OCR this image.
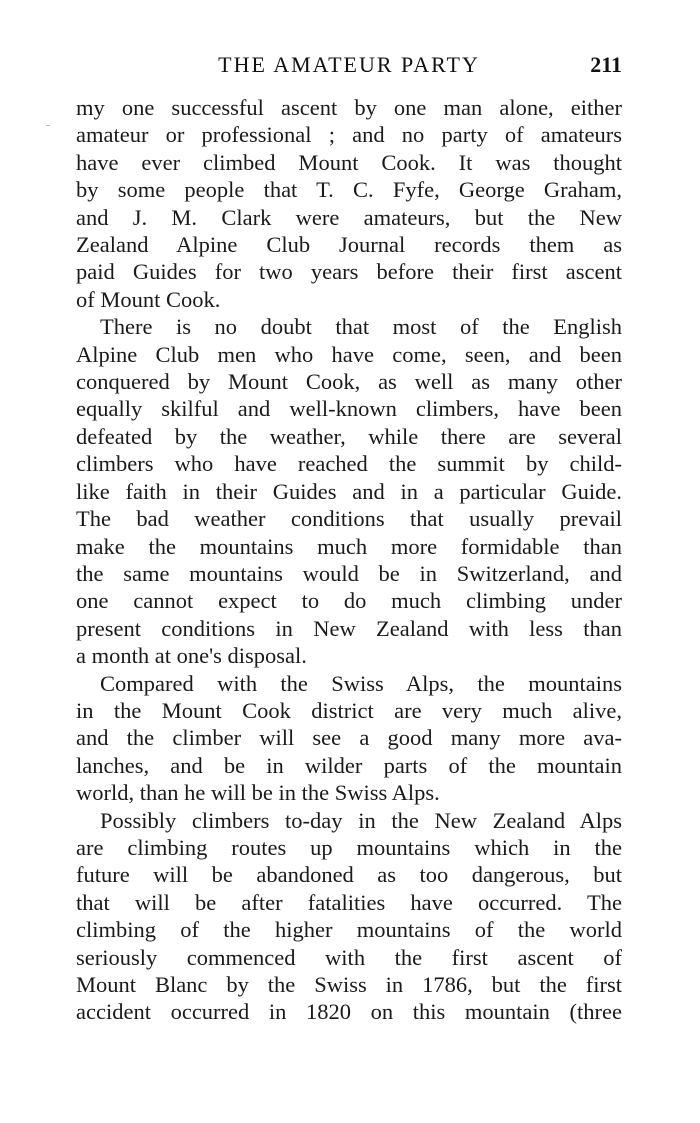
THE AMATEUR PARTY	211

my one successful ascent by one man alone, either
amateur or professional ; and no party of amateurs
have ever climbed Mount Cook. It was thought
by some people that T. C. Fyfe, George Graham,
and J. M. Clark were amateurs, but the New
Zealand Alpine Club Journal records them as
paid Guides for two years before their first ascent
of Mount Cook.

There is no doubt that most of the English
Alpine Club men who have come, seen, and been
conquered by Mount Cook, as well as many other
equally skilful and well-known climbers, have been
defeated by the weather, while there are several
climbers who have reached the summit by child-
like faith in their Guides and in a particular Guide.
The bad weather conditions that usually prevail
make the mountains much more formidable than
the same mountains would be in Switzerland, and
one cannot expect to do much climbing under
present conditions in New Zealand with less than
a month at one's disposal.

Compared with the Swiss Alps, the mountains
in the Mount Cook district are very much alive,
and the climber will see a good many more ava-
lanches, and be in wilder parts of the mountain
world, than he will be in the Swiss Alps.

Possibly climbers to-day in the New Zealand Alps
are climbing routes up mountains which in the
future will be abandoned as too dangerous, but
that will be after fatalities have occurred. The
climbing of the higher mountains of the world
seriously commenced with the first ascent of
Mount Blanc by the Swiss in 1786, but the first
accident occurred in 1820 on this mountain (three
